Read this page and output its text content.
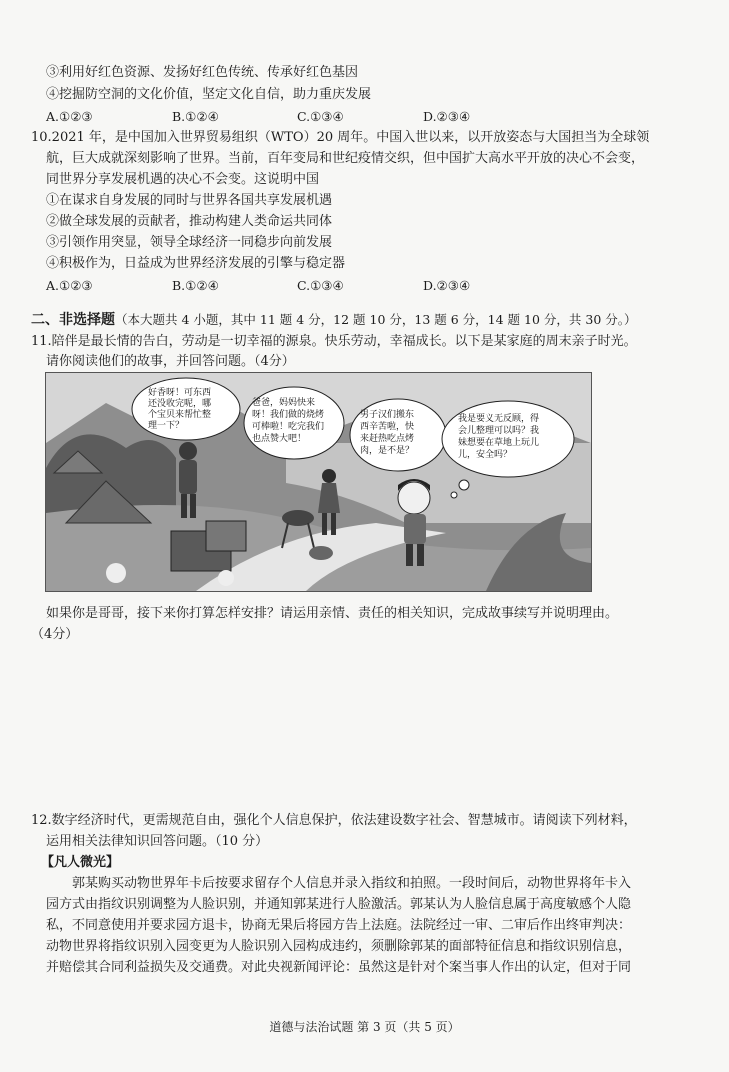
③利用好红色资源、发扬好红色传统、传承好红色基因
④挖掘防空洞的文化价值，坚定文化自信，助力重庆发展
A.①②③	B.①②④	C.①③④	D.②③④
10.2021 年，是中国加入世界贸易组织（WTO）20 周年。中国入世以来，以开放姿态与大国担当为全球领
航，巨大成就深刻影响了世界。当前，百年变局和世纪疫情交织，但中国扩大高水平开放的决心不会变，
同世界分享发展机遇的决心不会变。这说明中国
①在谋求自身发展的同时与世界各国共享发展机遇
②做全球发展的贡献者，推动构建人类命运共同体
③引领作用突显，领导全球经济一同稳步向前发展
④积极作为，日益成为世界经济发展的引擎与稳定器
A.①②③	B.①②④	C.①③④	D.②③④
二、非选择题（本大题共 4 小题，其中 11 题 4 分，12 题 10 分，13 题 6 分，14 题 10 分，共 30 分。）
11.陪伴是最长情的告白，劳动是一切幸福的源泉。快乐劳动，幸福成长。以下是某家庭的周末亲子时光。
请你阅读他们的故事，并回答问题。（4分）
好香呀！可东西
还没收完呢，哪
个宝贝来帮忙整
理一下？
爸爸，妈妈快来
呀！我们做的烧烤
可棒啦！吃完我们
也点赞大吧！
男子汉们搬东
西辛苦啦，快
来赶热吃点烤
肉，是不是？
我是要义无反顾，得
会儿整理可以吗？我
妹想要在草地上玩儿
儿，安全吗？
如果你是哥哥，接下来你打算怎样安排？请运用亲情、责任的相关知识，完成故事续写并说明理由。
（4分）
12.数字经济时代，更需规范自由，强化个人信息保护，依法建设数字社会、智慧城市。请阅读下列材料，
运用相关法律知识回答问题。（10 分）
【凡人微光】
郭某购买动物世界年卡后按要求留存个人信息并录入指纹和拍照。一段时间后，动物世界将年卡入
园方式由指纹识别调整为人脸识别，并通知郭某进行人脸激活。郭某认为人脸信息属于高度敏感个人隐
私，不同意使用并要求园方退卡，协商无果后将园方告上法庭。法院经过一审、二审后作出终审判决：
动物世界将指纹识别入园变更为人脸识别入园构成违约，须删除郭某的面部特征信息和指纹识别信息，
并赔偿其合同利益损失及交通费。对此央视新闻评论：虽然这是针对个案当事人作出的认定，但对于同
道德与法治试题 第 3 页（共 5 页）
